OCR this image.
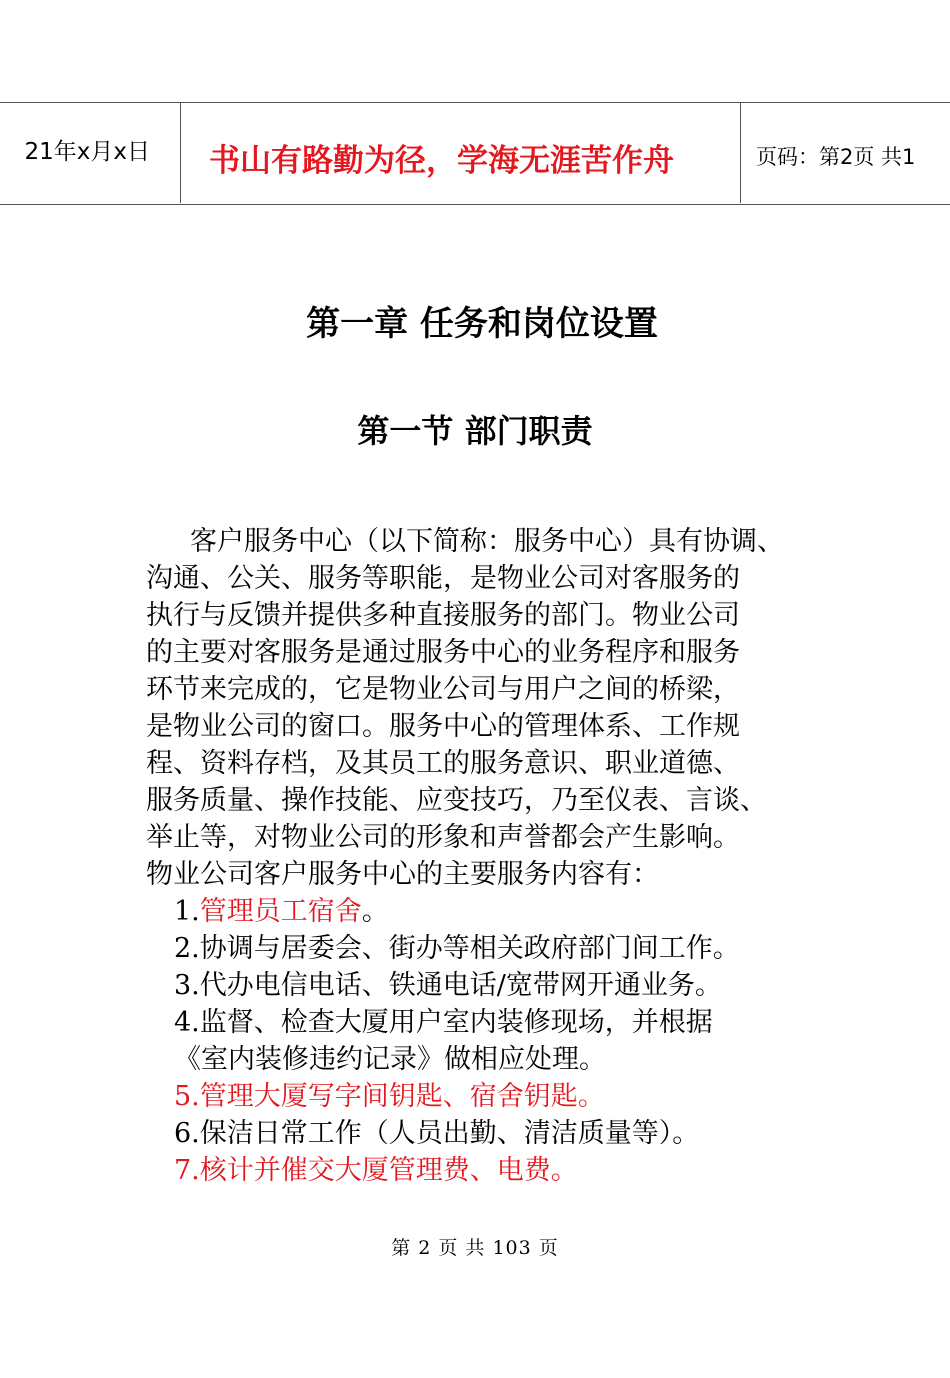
21年x月x日 书山有路勤为径，学海无涯苦作舟	页码：第2页 共1
第一章 任务和岗位设置
第一节 部门职责
客户服务中心（以下简称：服务中心）具有协调、
沟通、公关、服务等职能，是物业公司对客服务的
执行与反馈并提供多种直接服务的部门。物业公司
的主要对客服务是通过服务中心的业务程序和服务
环节来完成的，它是物业公司与用户之间的桥梁，
是物业公司的窗口。服务中心的管理体系、工作规
程、资料存档，及其员工的服务意识、职业道德、
服务质量、操作技能、应变技巧，乃至仪表、言谈、
举止等，对物业公司的形象和声誉都会产生影响。
物业公司客户服务中心的主要服务内容有：
1.管理员工宿舍。
2.协调与居委会、街办等相关政府部门间工作。
3.代办电信电话、铁通电话/宽带网开通业务。
4.监督、检查大厦用户室内装修现场，并根据
《室内装修违约记录》做相应处理。
5.管理大厦写字间钥匙、宿舍钥匙。
6.保洁日常工作（人员出勤、清洁质量等）。
7.核计并催交大厦管理费、电费。
第 2 页 共 103 页
